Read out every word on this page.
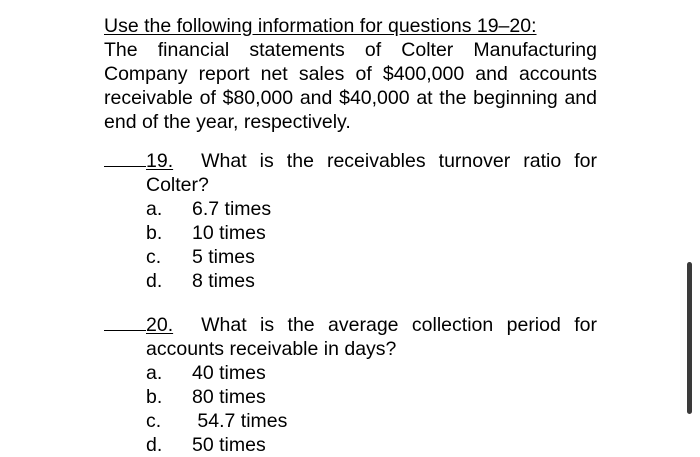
Use the following information for questions 19–20:
The financial statements of Colter Manufacturing Company report net sales of $400,000 and accounts receivable of $80,000 and $40,000 at the beginning and end of the year, respectively.
19. What is the receivables turnover ratio for
Colter?
a.	6.7 times
b.	10 times
c.	5 times
d.	8 times
20. What is the average collection period for
accounts receivable in days?
a.	40 times
b.	80 times
c.	54.7 times
d.	50 times
